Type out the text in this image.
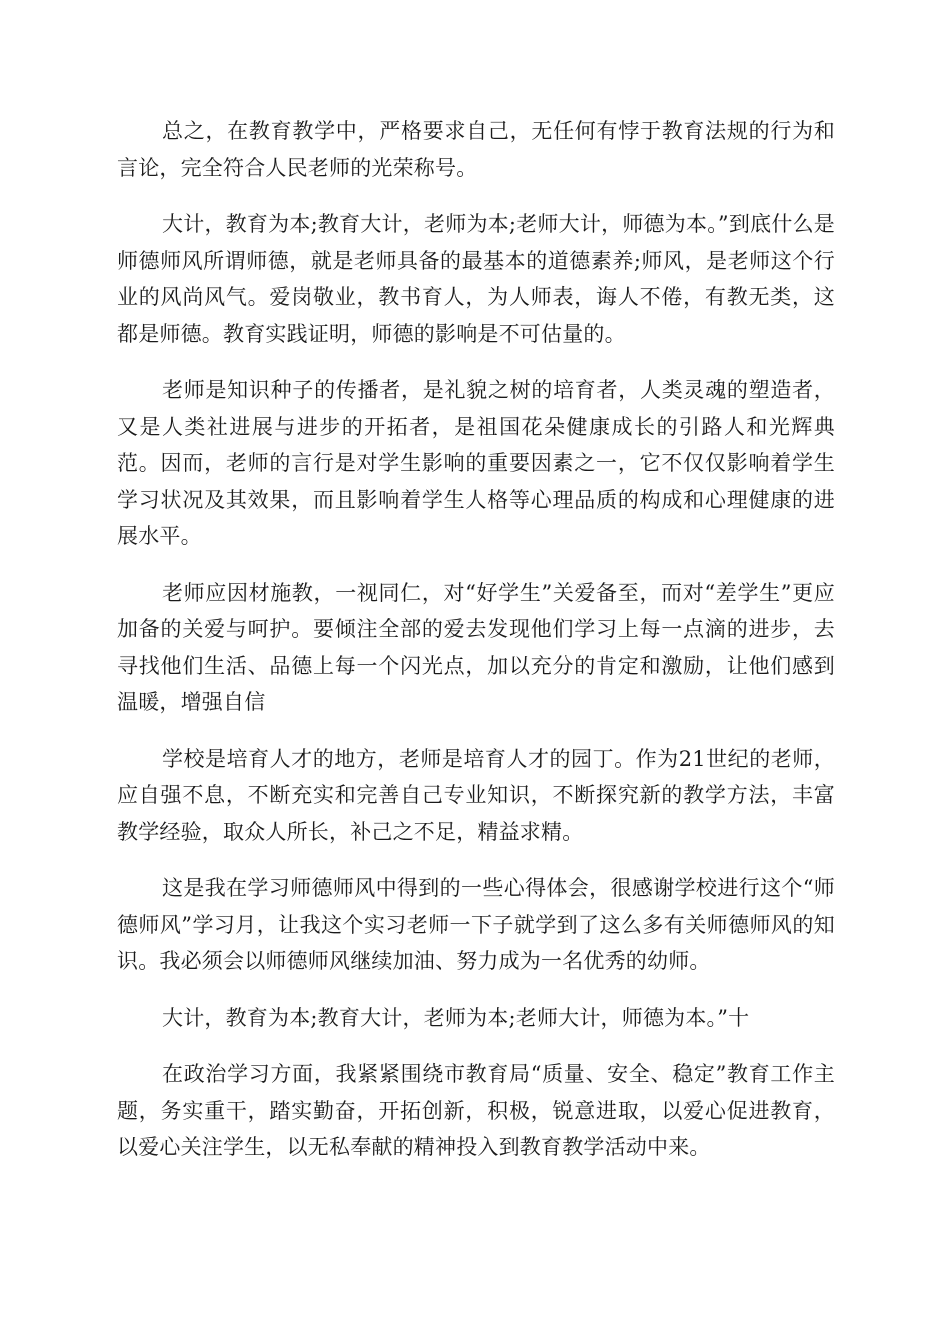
总之，在教育教学中，严格要求自己，无任何有悖于教育法规的行为和言论，完全符合人民老师的光荣称号。

大计，教育为本;教育大计，老师为本;老师大计，师德为本。”到底什么是师德师风所谓师德，就是老师具备的最基本的道德素养;师风，是老师这个行业的风尚风气。爱岗敬业，教书育人，为人师表，诲人不倦，有教无类，这都是师德。教育实践证明，师德的影响是不可估量的。

老师是知识种子的传播者，是礼貌之树的培育者，人类灵魂的塑造者，又是人类社进展与进步的开拓者，是祖国花朵健康成长的引路人和光辉典范。因而，老师的言行是对学生影响的重要因素之一，它不仅仅影响着学生学习状况及其效果，而且影响着学生人格等心理品质的构成和心理健康的进展水平。

老师应因材施教，一视同仁，对“好学生”关爱备至，而对“差学生”更应加备的关爱与呵护。要倾注全部的爱去发现他们学习上每一点滴的进步，去寻找他们生活、品德上每一个闪光点，加以充分的肯定和激励，让他们感到温暖，增强自信

学校是培育人才的地方，老师是培育人才的园丁。作为21世纪的老师，应自强不息，不断充实和完善自己专业知识，不断探究新的教学方法，丰富教学经验，取众人所长，补己之不足，精益求精。

这是我在学习师德师风中得到的一些心得体会，很感谢学校进行这个“师德师风”学习月，让我这个实习老师一下子就学到了这么多有关师德师风的知识。我必须会以师德师风继续加油、努力成为一名优秀的幼师。

大计，教育为本;教育大计，老师为本;老师大计，师德为本。”十

在政治学习方面，我紧紧围绕市教育局“质量、安全、稳定”教育工作主题，务实重干，踏实勤奋，开拓创新，积极，锐意进取，以爱心促进教育，以爱心关注学生，以无私奉献的精神投入到教育教学活动中来。
